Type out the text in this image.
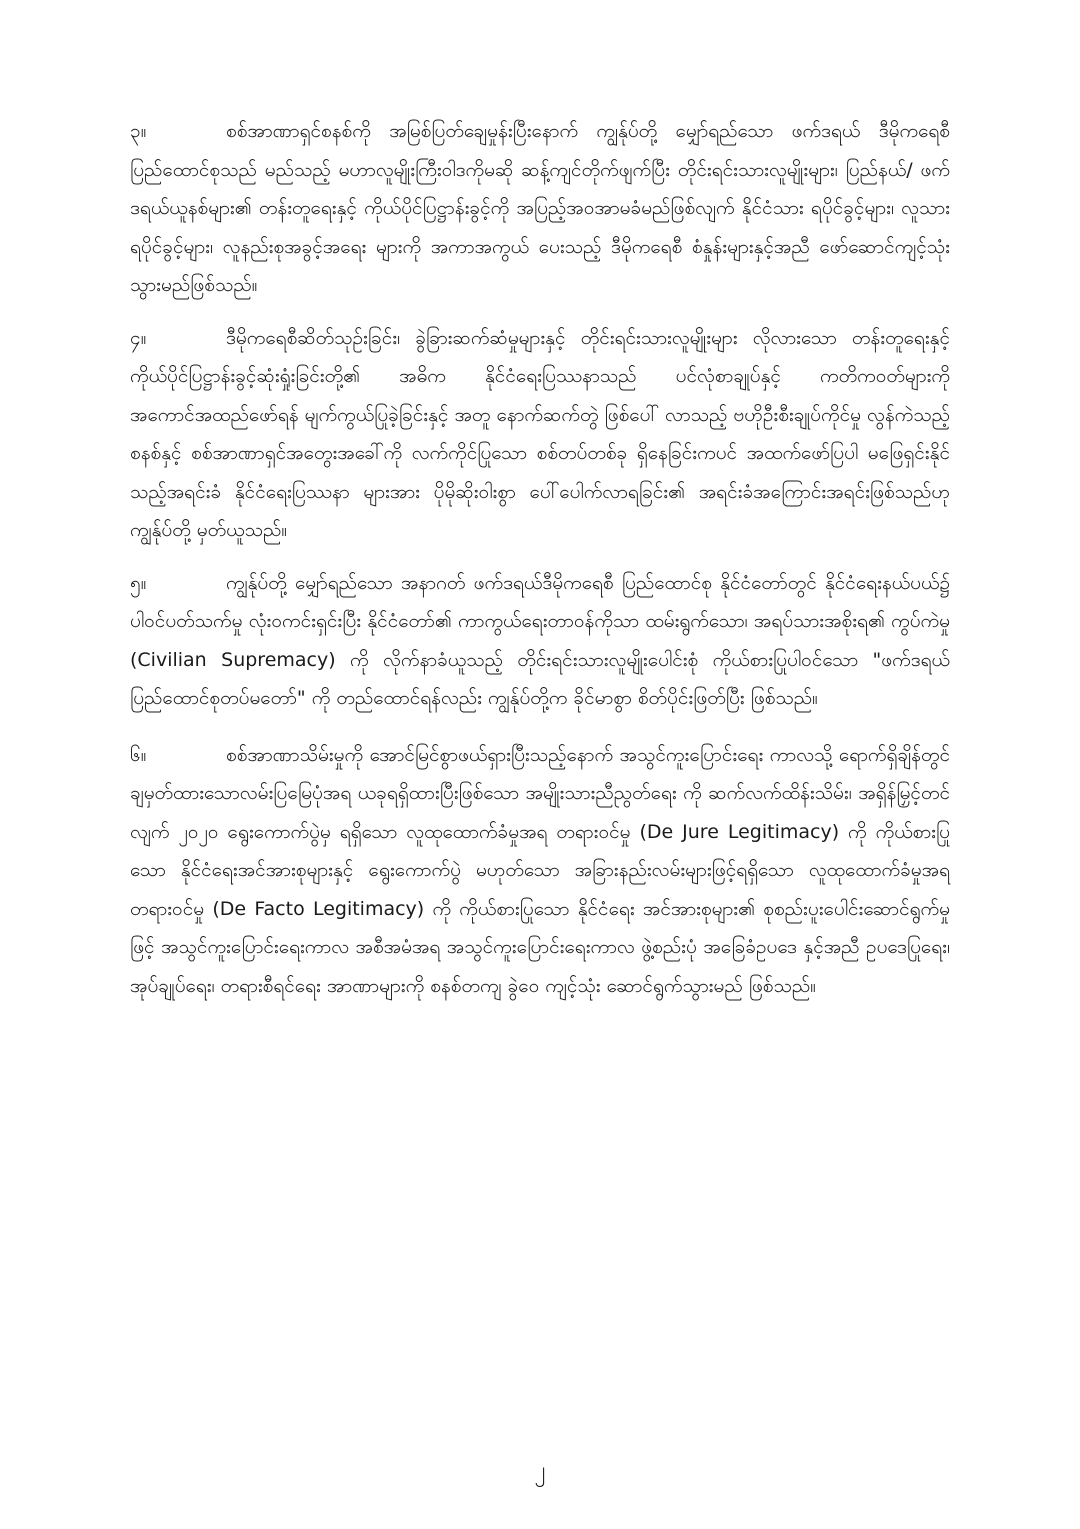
၃။	စစ်အာဏာရှင်စနစ်ကို အမြစ်ပြတ်ချေမှုန်းပြီးနောက် ကျွန်ုပ်တို့ မျှော်ရည်သော ဖက်ဒရယ် ဒီမိုကရေစီပြည်ထောင်စုသည် မည်သည့် မဟာလူမျိုးကြီးဝါဒကိုမဆို ဆန့်ကျင်တိုက်ဖျက်ပြီး တိုင်းရင်းသားလူမျိုးများ၊ ပြည်နယ်/ ဖက်ဒရယ်ယူနစ်များ၏ တန်းတူရေးနှင့် ကိုယ်ပိုင်ပြဋ္ဌာန်းခွင့်ကို အပြည့်အဝအာမခံမည်ဖြစ်လျက် နိုင်ငံသား ရပိုင်ခွင့်များ၊ လူသားရပိုင်ခွင့်များ၊ လူနည်းစုအခွင့်အရေး များကို အကာအကွယ် ပေးသည့် ဒီမိုကရေစီ စံနှုန်းများနှင့်အညီ ဖော်ဆောင်ကျင့်သုံးသွားမည်ဖြစ်သည်။

၄။	ဒီမိုကရေစီဆိတ်သုဉ်းခြင်း၊ ခွဲခြားဆက်ဆံမှုများနှင့် တိုင်းရင်းသားလူမျိုးများ လိုလားသော တန်းတူရေးနှင့် ကိုယ်ပိုင်ပြဋ္ဌာန်းခွင့်ဆုံးရှုံးခြင်းတို့၏ အဓိက နိုင်ငံရေးပြဿနာသည် ပင်လုံစာချုပ်နှင့် ကတိကဝတ်များကို အကောင်အထည်ဖော်ရန် မျက်ကွယ်ပြုခဲ့ခြင်းနှင့် အတူ နောက်ဆက်တွဲ ဖြစ်ပေါ် လာသည့် ဗဟိုဦးစီးချုပ်ကိုင်မှု လွန်ကဲသည့်စနစ်နှင့် စစ်အာဏာရှင်အတွေးအခေါ်ကို လက်ကိုင်ပြုသော စစ်တပ်တစ်ခု ရှိနေခြင်းကပင် အထက်ဖော်ပြပါ မဖြေရှင်းနိုင်သည့်အရင်းခံ နိုင်ငံရေးပြဿနာ များအား ပိုမိုဆိုးဝါးစွာ ပေါ်ပေါက်လာရခြင်း၏ အရင်းခံအကြောင်းအရင်းဖြစ်သည်ဟု ကျွန်ုပ်တို့ မှတ်ယူသည်။

၅။	ကျွန်ုပ်တို့ မျှော်ရည်သော အနာဂတ် ဖက်ဒရယ်ဒီမိုကရေစီ ပြည်ထောင်စု နိုင်ငံတော်တွင် နိုင်ငံရေးနယ်ပယ်၌ ပါဝင်ပတ်သက်မှု လုံးဝကင်းရှင်းပြီး နိုင်ငံတော်၏ ကာကွယ်ရေးတာဝန်ကိုသာ ထမ်းရွက်သော၊ အရပ်သားအစိုးရ၏ ကွပ်ကဲမှု (Civilian Supremacy) ကို လိုက်နာခံယူသည့် တိုင်းရင်းသားလူမျိုးပေါင်းစုံ ကိုယ်စားပြုပါဝင်သော "ဖက်ဒရယ်ပြည်ထောင်စုတပ်မတော်" ကို တည်ထောင်ရန်လည်း ကျွန်ုပ်တို့က ခိုင်မာစွာ စိတ်ပိုင်းဖြတ်ပြီး ဖြစ်သည်။

၆။	စစ်အာဏာသိမ်းမှုကို အောင်မြင်စွာဖယ်ရှားပြီးသည့်နောက် အသွင်ကူးပြောင်းရေး ကာလသို့ ရောက်ရှိချိန်တွင် ချမှတ်ထားသောလမ်းပြမြေပုံအရ ယခုရရှိထားပြီးဖြစ်သော အမျိုးသားညီညွတ်ရေး ကို ဆက်လက်ထိန်းသိမ်း၊ အရှိန်မြှင့်တင်လျက် ၂၀၂၀ ရွေးကောက်ပွဲမှ ရရှိသော လူထုထောက်ခံမှုအရ တရားဝင်မှု (De Jure Legitimacy) ကို ကိုယ်စားပြုသော နိုင်ငံရေးအင်အားစုများနှင့် ရွေးကောက်ပွဲ မဟုတ်သော အခြားနည်းလမ်းများဖြင့်ရရှိသော လူထုထောက်ခံမှုအရ တရားဝင်မှု (De Facto Legitimacy) ကို ကိုယ်စားပြုသော နိုင်ငံရေး အင်အားစုများ၏ စုစည်းပူးပေါင်းဆောင်ရွက်မှုဖြင့် အသွင်ကူးပြောင်းရေးကာလ အစီအမံအရ အသွင်ကူးပြောင်းရေးကာလ ဖွဲ့စည်းပုံ အခြေခံဥပဒေ နှင့်အညီ ဥပဒေပြုရေး၊ အုပ်ချုပ်ရေး၊ တရားစီရင်ရေး အာဏာများကို စနစ်တကျ ခွဲဝေ ကျင့်သုံး ဆောင်ရွက်သွားမည် ဖြစ်သည်။

၂
